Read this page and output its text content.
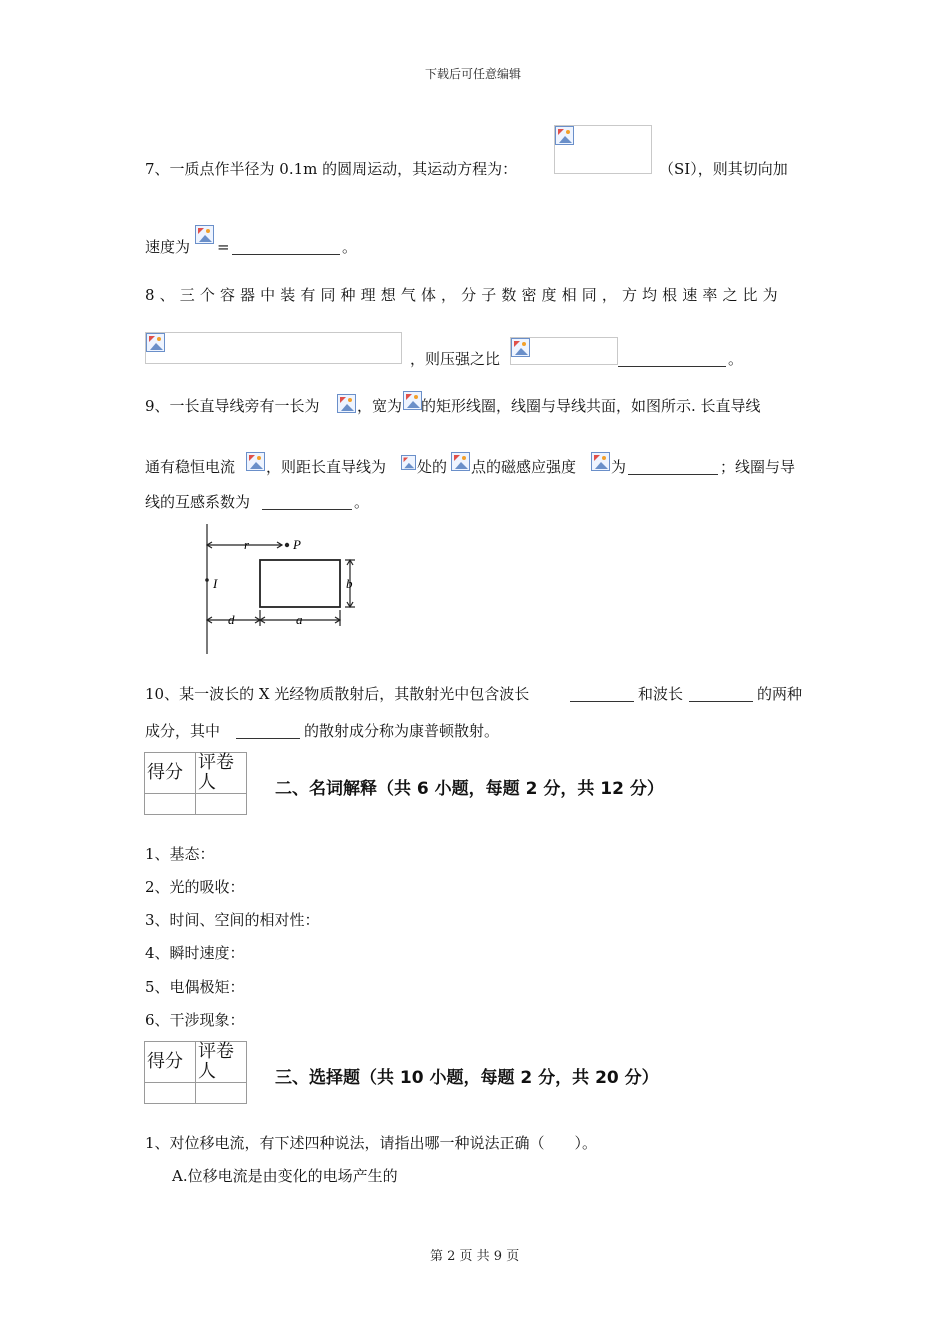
下载后可任意编辑
7、一质点作半径为 0.1m 的圆周运动，其运动方程为：	（SI），则其切向加
速度为 =	。
8、三个容器中装有同种理想气体，分子数密度相同，方均根速率之比为
，则压强之比	。
9、一长直导线旁有一长为 ，宽为 的矩形线圈，线圈与导线共面，如图所示. 长直导线
通有稳恒电流 ，则距长直导线为 处的 点的磁感应强度 为	；线圈与导
线的互感系数为	。
r	P
I	b
d	a
10、某一波长的 X 光经物质散射后，其散射光中包含波长	和波长	的两种
成分，其中	的散射成分称为康普顿散射。
得分	评卷人
		二、名词解释（共 6 小题，每题 2 分，共 12 分）
1、基态：
2、光的吸收：
3、时间、空间的相对性：
4、瞬时速度：
5、电偶极矩：
6、干涉现象：
得分	评卷人
		三、选择题（共 10 小题，每题 2 分，共 20 分）
1、对位移电流，有下述四种说法，请指出哪一种说法正确（　　）。
A.位移电流是由变化的电场产生的
第 2 页 共 9 页
